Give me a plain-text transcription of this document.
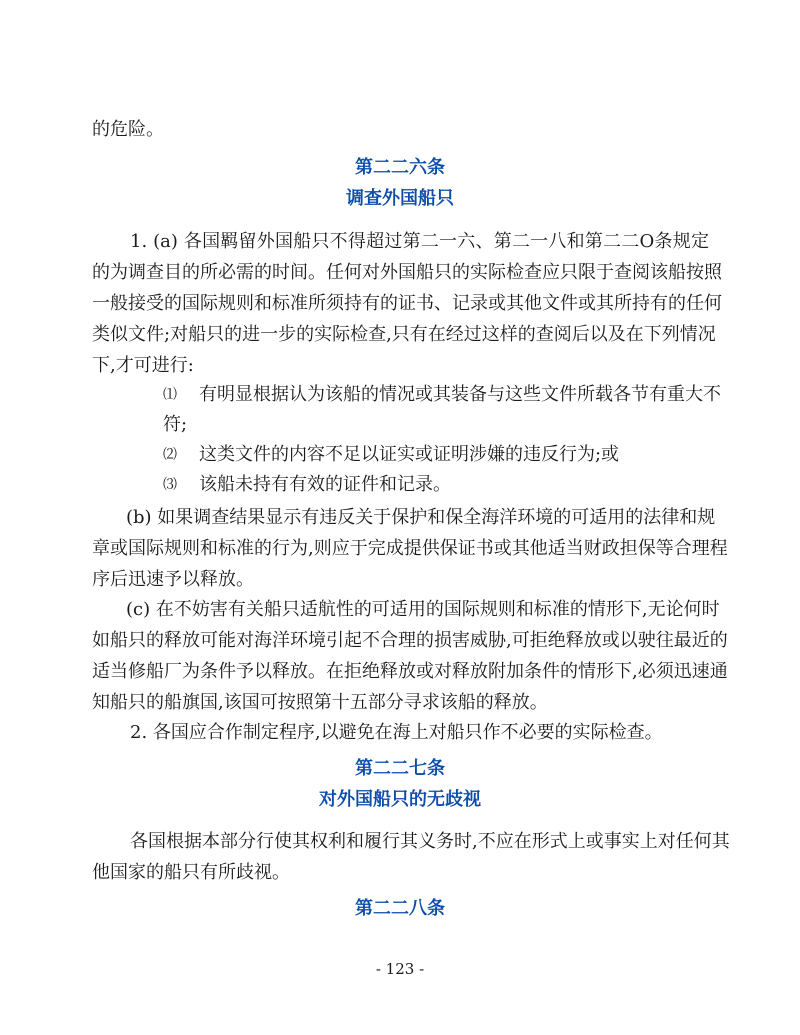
的危险。
第二二六条
调查外国船只
1. (a) 各国羁留外国船只不得超过第二一六、第二一八和第二二O条规定
的为调查目的所必需的时间。任何对外国船只的实际检查应只限于查阅该船按照
一般接受的国际规则和标准所须持有的证书、记录或其他文件或其所持有的任何
类似文件;对船只的进一步的实际检查,只有在经过这样的查阅后以及在下列情况
下,才可进行:
⑴ 有明显根据认为该船的情况或其装备与这些文件所载各节有重大不
符;
⑵ 这类文件的内容不足以证实或证明涉嫌的违反行为;或
⑶ 该船未持有有效的证件和记录。
(b) 如果调查结果显示有违反关于保护和保全海洋环境的可适用的法律和规
章或国际规则和标准的行为,则应于完成提供保证书或其他适当财政担保等合理程
序后迅速予以释放。
(c) 在不妨害有关船只适航性的可适用的国际规则和标准的情形下,无论何时
如船只的释放可能对海洋环境引起不合理的损害威胁,可拒绝释放或以驶往最近的
适当修船厂为条件予以释放。在拒绝释放或对释放附加条件的情形下,必须迅速通
知船只的船旗国,该国可按照第十五部分寻求该船的释放。
2. 各国应合作制定程序,以避免在海上对船只作不必要的实际检查。
第二二七条
对外国船只的无歧视
各国根据本部分行使其权利和履行其义务时,不应在形式上或事实上对任何其
他国家的船只有所歧视。
第二二八条
- 123 -
